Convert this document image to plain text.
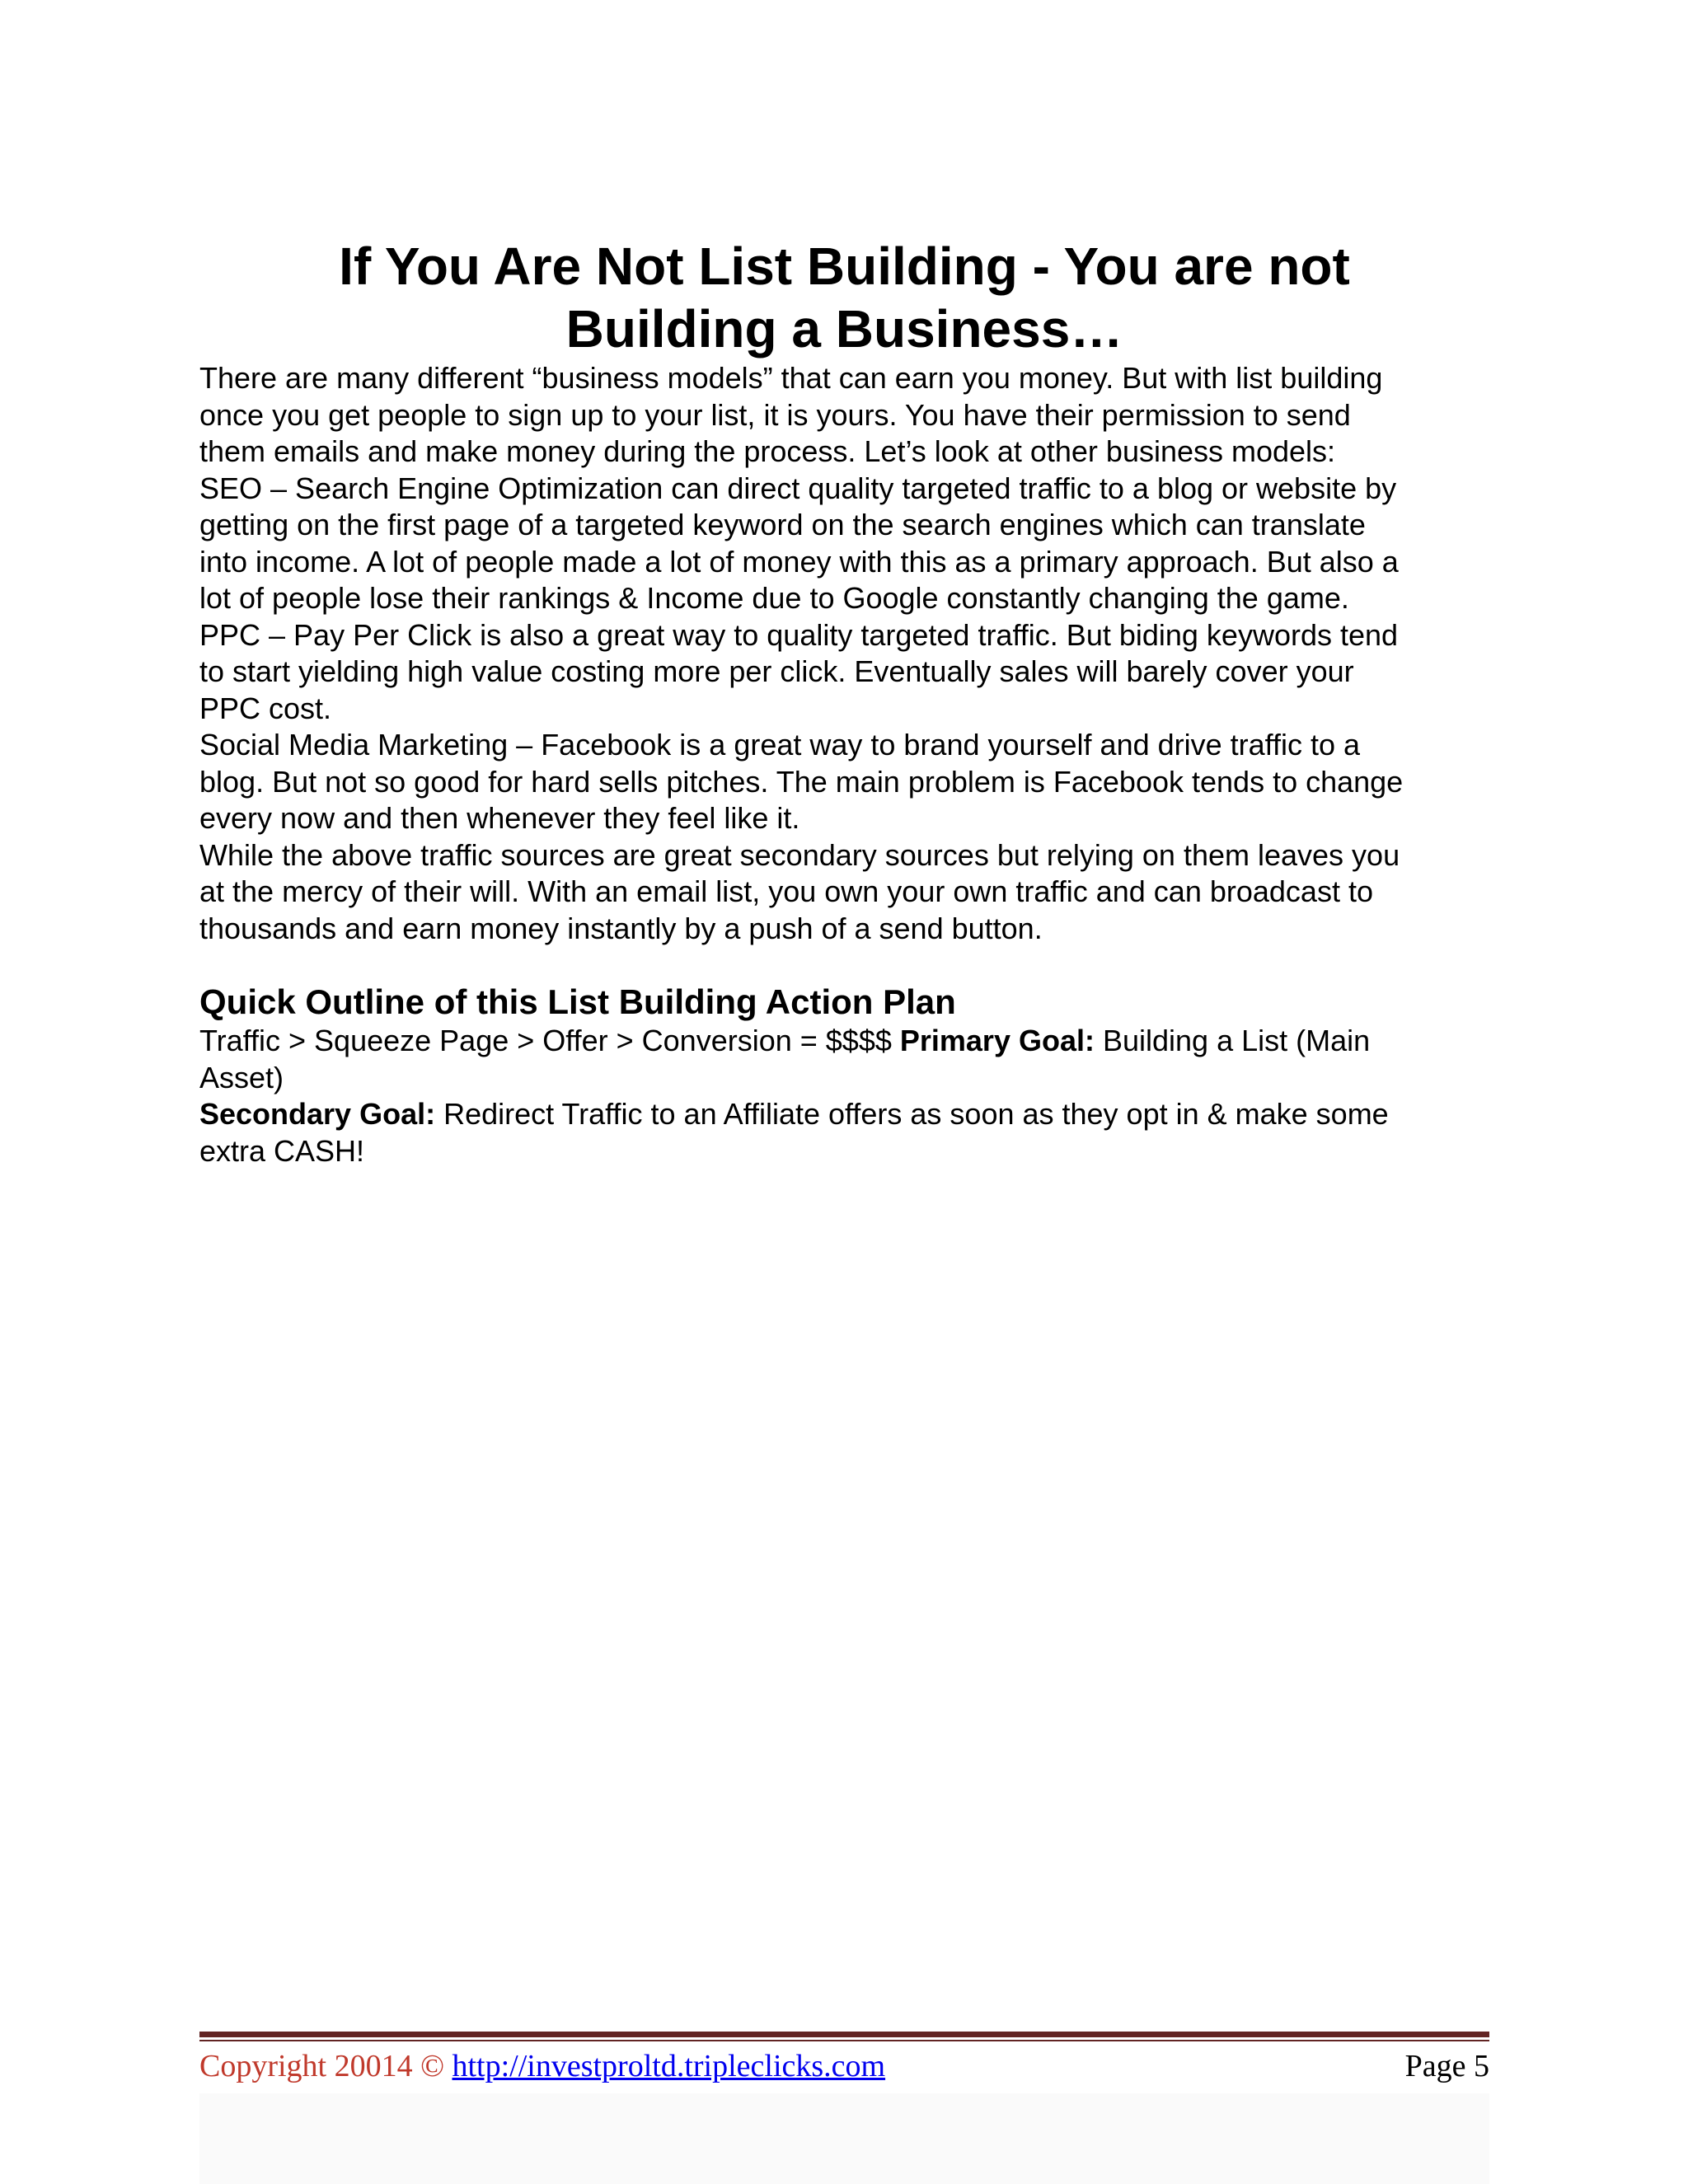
If You Are Not List Building - You are not
Building a Business…

There are many different “business models” that can earn you money. But with list building

once you get people to sign up to your list, it is yours. You have their permission to send

them emails and make money during the process. Let’s look at other business models:

SEO – Search Engine Optimization can direct quality targeted traffic to a blog or website by

getting on the first page of a targeted keyword on the search engines which can translate

into income. A lot of people made a lot of money with this as a primary approach. But also a

lot of people lose their rankings & Income due to Google constantly changing the game.

PPC – Pay Per Click is also a great way to quality targeted traffic. But biding keywords tend

to start yielding high value costing more per click. Eventually sales will barely cover your

PPC cost.

Social Media Marketing – Facebook is a great way to brand yourself and drive traffic to a

blog. But not so good for hard sells pitches. The main problem is Facebook tends to change

every now and then whenever they feel like it.

While the above traffic sources are great secondary sources but relying on them leaves you

at the mercy of their will. With an email list, you own your own traffic and can broadcast to

thousands and earn money instantly by a push of a send button.

Quick Outline of this List Building Action Plan

Traffic > Squeeze Page > Offer > Conversion = $$$$ Primary Goal: Building a List (Main

Asset)

Secondary Goal: Redirect Traffic to an Affiliate offers as soon as they opt in & make some

extra CASH!

Copyright 20014 © http://investproltd.tripleclicks.com	Page 5
